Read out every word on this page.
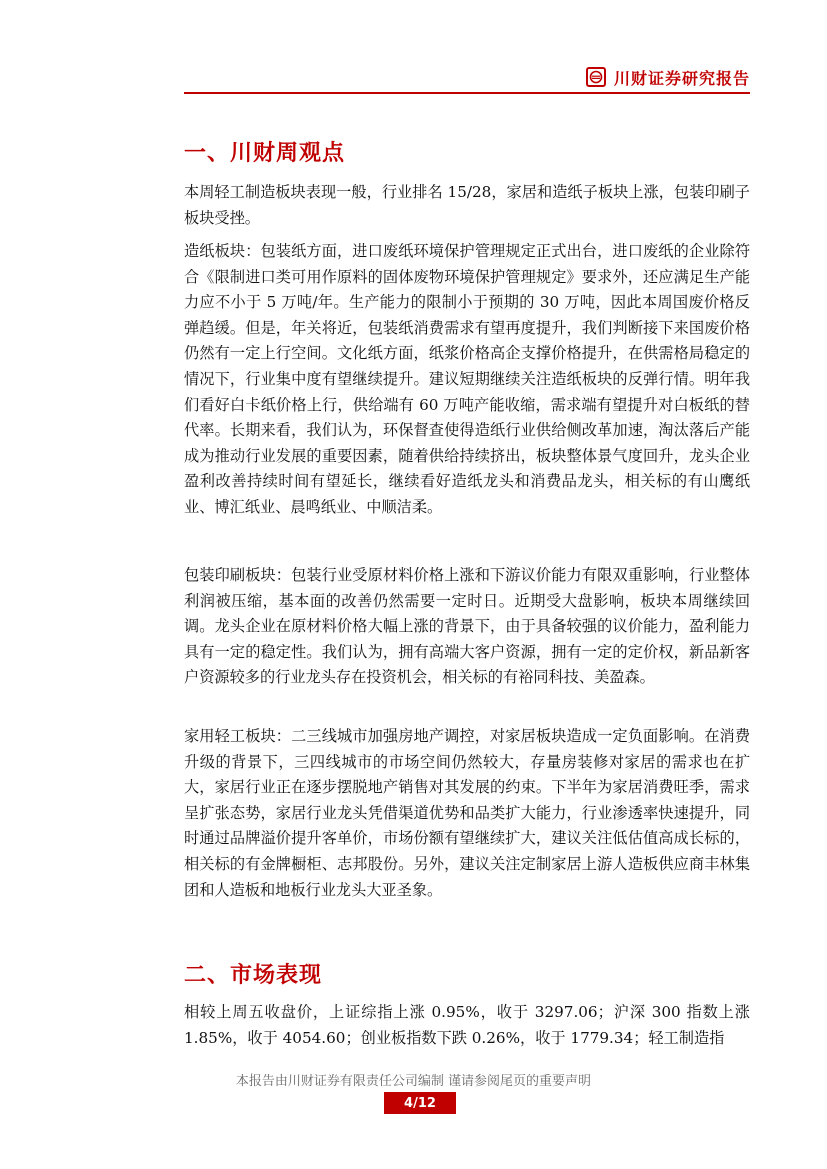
川财证券研究报告
一、川财周观点

本周轻工制造板块表现一般，行业排名 15/28，家居和造纸子板块上涨，包装印刷子板块受挫。

造纸板块：包装纸方面，进口废纸环境保护管理规定正式出台，进口废纸的企业除符合《限制进口类可用作原料的固体废物环境保护管理规定》要求外，还应满足生产能力应不小于 5 万吨/年。生产能力的限制小于预期的 30 万吨，因此本周国废价格反弹趋缓。但是，年关将近，包装纸消费需求有望再度提升，我们判断接下来国废价格仍然有一定上行空间。文化纸方面，纸浆价格高企支撑价格提升，在供需格局稳定的情况下，行业集中度有望继续提升。建议短期继续关注造纸板块的反弹行情。明年我们看好白卡纸价格上行，供给端有 60 万吨产能收缩，需求端有望提升对白板纸的替代率。长期来看，我们认为，环保督查使得造纸行业供给侧改革加速，淘汰落后产能成为推动行业发展的重要因素，随着供给持续挤出，板块整体景气度回升，龙头企业盈利改善持续时间有望延长，继续看好造纸龙头和消费品龙头，相关标的有山鹰纸业、博汇纸业、晨鸣纸业、中顺洁柔。

包装印刷板块：包装行业受原材料价格上涨和下游议价能力有限双重影响，行业整体利润被压缩，基本面的改善仍然需要一定时日。近期受大盘影响，板块本周继续回调。龙头企业在原材料价格大幅上涨的背景下，由于具备较强的议价能力，盈利能力具有一定的稳定性。我们认为，拥有高端大客户资源，拥有一定的定价权，新品新客户资源较多的行业龙头存在投资机会，相关标的有裕同科技、美盈森。

家用轻工板块：二三线城市加强房地产调控，对家居板块造成一定负面影响。在消费升级的背景下，三四线城市的市场空间仍然较大，存量房装修对家居的需求也在扩大，家居行业正在逐步摆脱地产销售对其发展的约束。下半年为家居消费旺季，需求呈扩张态势，家居行业龙头凭借渠道优势和品类扩大能力，行业渗透率快速提升，同时通过品牌溢价提升客单价，市场份额有望继续扩大，建议关注低估值高成长标的，相关标的有金牌橱柜、志邦股份。另外，建议关注定制家居上游人造板供应商丰林集团和人造板和地板行业龙头大亚圣象。

二、市场表现

相较上周五收盘价，上证综指上涨 0.95%，收于 3297.06；沪深 300 指数上涨 1.85%，收于 4054.60；创业板指数下跌 0.26%，收于 1779.34；轻工制造指

本报告由川财证券有限责任公司编制 谨请参阅尾页的重要声明
4/12
